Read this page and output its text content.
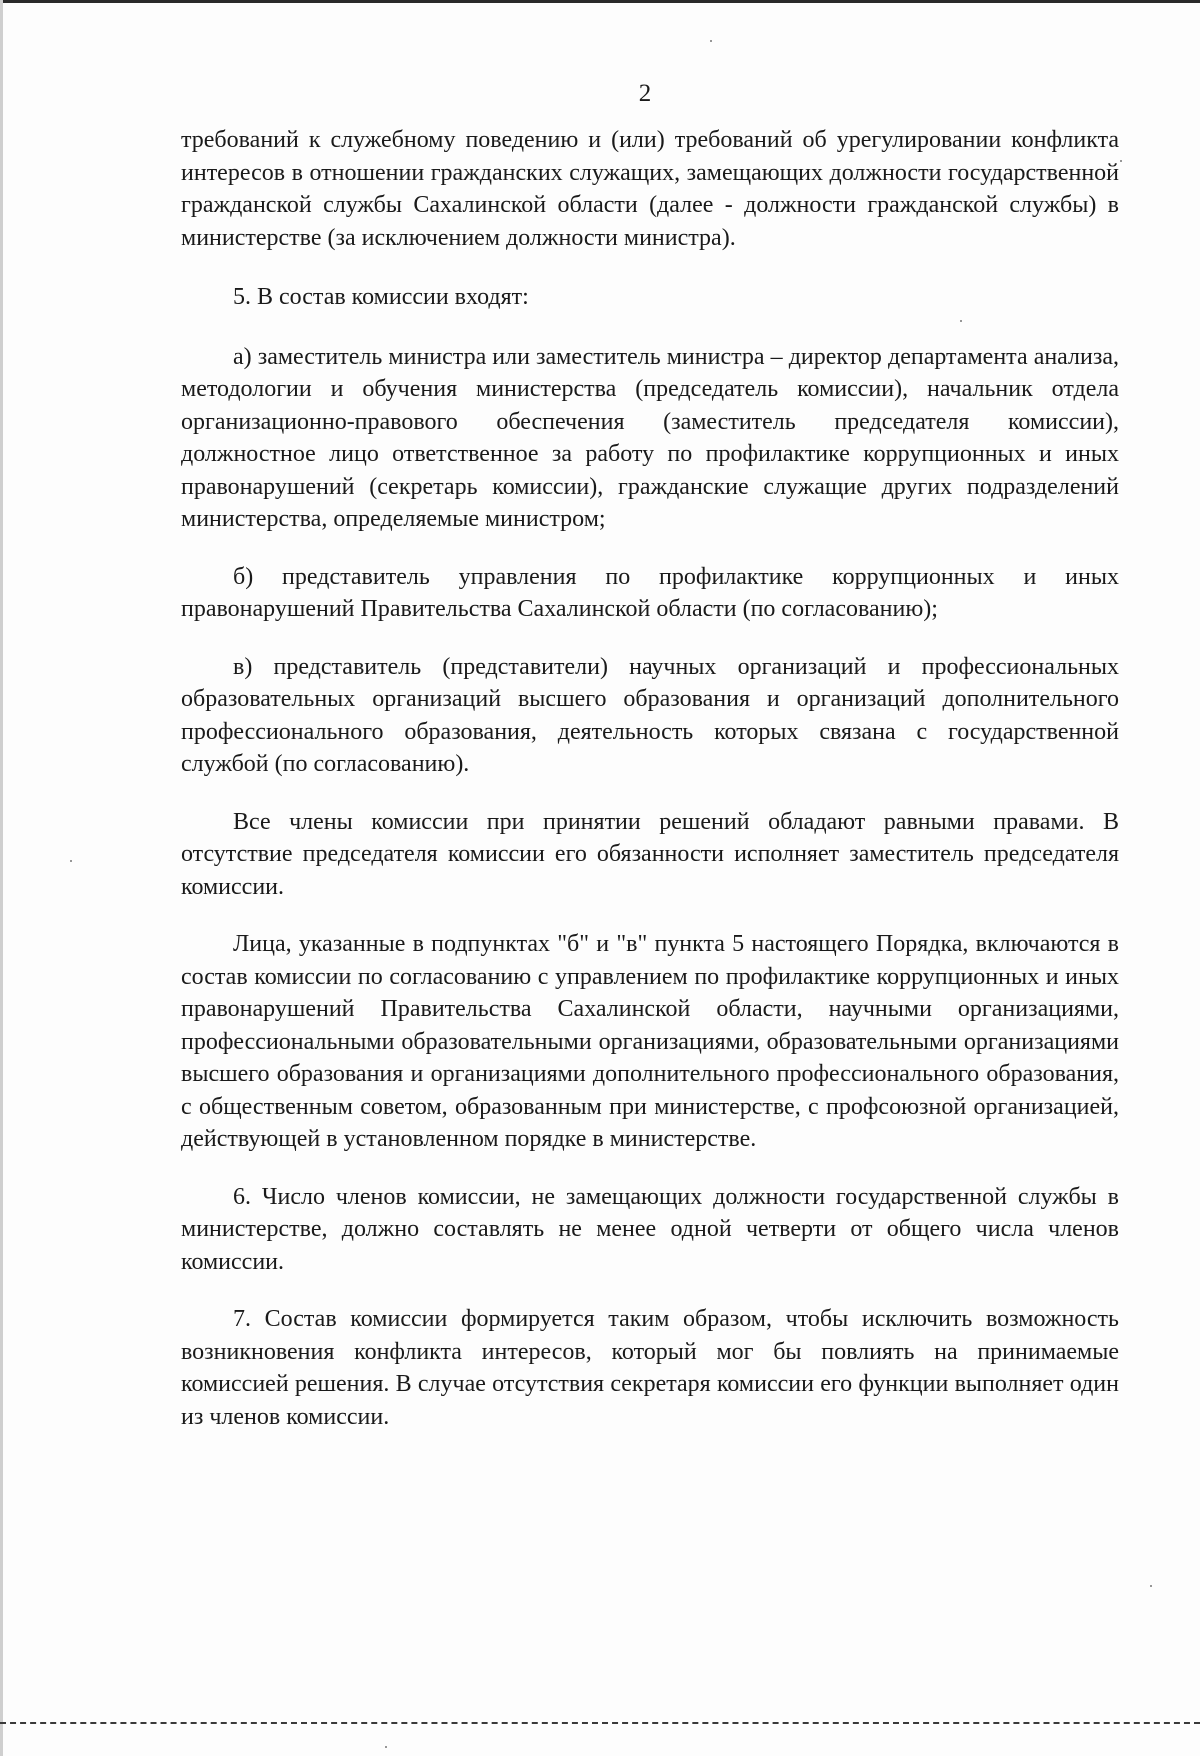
2

требований к служебному поведению и (или) требований об урегулировании конфликта интересов в отношении гражданских служащих, замещающих должности государственной гражданской службы Сахалинской области (далее - должности гражданской службы) в министерстве (за исключением должности министра).

5. В состав комиссии входят:

а) заместитель министра или заместитель министра – директор департамента анализа, методологии и обучения министерства (председатель комиссии), начальник отдела организационно-правового обеспечения (заместитель председателя комиссии), должностное лицо ответственное за работу по профилактике коррупционных и иных правонарушений (секретарь комиссии), гражданские служащие других подразделений министерства, определяемые министром;

б) представитель управления по профилактике коррупционных и иных правонарушений Правительства Сахалинской области (по согласованию);

в) представитель (представители) научных организаций и профессиональных образовательных организаций высшего образования и организаций дополнительного профессионального образования, деятельность которых связана с государственной службой (по согласованию).

Все члены комиссии при принятии решений обладают равными правами. В отсутствие председателя комиссии его обязанности исполняет заместитель председателя комиссии.

Лица, указанные в подпунктах "б" и "в" пункта 5 настоящего Порядка, включаются в состав комиссии по согласованию с управлением по профилактике коррупционных и иных правонарушений Правительства Сахалинской области, научными организациями, профессиональными образовательными организациями, образовательными организациями высшего образования и организациями дополнительного профессионального образования, с общественным советом, образованным при министерстве, с профсоюзной организацией, действующей в установленном порядке в министерстве.

6. Число членов комиссии, не замещающих должности государственной службы в министерстве, должно составлять не менее одной четверти от общего числа членов комиссии.

7. Состав комиссии формируется таким образом, чтобы исключить возможность возникновения конфликта интересов, который мог бы повлиять на принимаемые комиссией решения. В случае отсутствия секретаря комиссии его функции выполняет один из членов комиссии.
